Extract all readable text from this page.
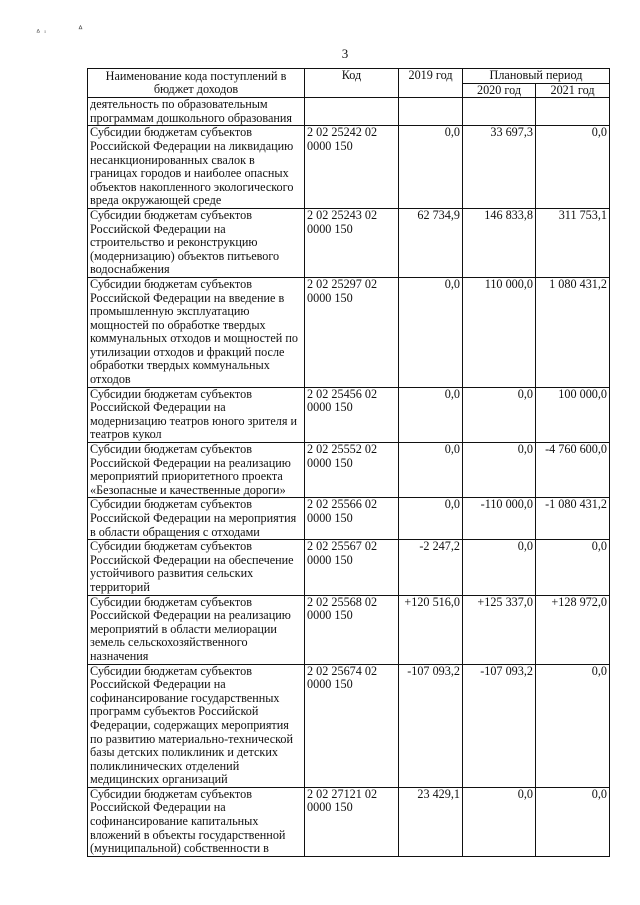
ᐞ ᶦ	ᐞ
3
Наименование кода поступлений в бюджет доходов	Код	2019 год	Плановый период	
			2020 год	2021 год
деятельность по образовательным программам дошкольного образования				
Субсидии бюджетам субъектов Российской Федерации на ликвидацию несанкционированных свалок в границах городов и наиболее опасных объектов накопленного экологического вреда окружающей среде	2 02 25242 02 0000 150	0,0	33 697,3	0,0
Субсидии бюджетам субъектов Российской Федерации на строительство и реконструкцию (модернизацию) объектов питьевого водоснабжения	2 02 25243 02 0000 150	62 734,9	146 833,8	311 753,1
Субсидии бюджетам субъектов Российской Федерации на введение в промышленную эксплуатацию мощностей по обработке твердых коммунальных отходов и мощностей по утилизации отходов и фракций после обработки твердых коммунальных отходов	2 02 25297 02 0000 150	0,0	110 000,0	1 080 431,2
Субсидии бюджетам субъектов Российской Федерации на модернизацию театров юного зрителя и театров кукол	2 02 25456 02 0000 150	0,0	0,0	100 000,0
Субсидии бюджетам субъектов Российской Федерации на реализацию мероприятий приоритетного проекта «Безопасные и качественные дороги»	2 02 25552 02 0000 150	0,0	0,0	-4 760 600,0
Субсидии бюджетам субъектов Российской Федерации на мероприятия в области обращения с отходами	2 02 25566 02 0000 150	0,0	-110 000,0	-1 080 431,2
Субсидии бюджетам субъектов Российской Федерации на обеспечение устойчивого развития сельских территорий	2 02 25567 02 0000 150	-2 247,2	0,0	0,0
Субсидии бюджетам субъектов Российской Федерации на реализацию мероприятий в области мелиорации земель сельскохозяйственного назначения	2 02 25568 02 0000 150	+120 516,0	+125 337,0	+128 972,0
Субсидии бюджетам субъектов Российской Федерации на софинансирование государственных программ субъектов Российской Федерации, содержащих мероприятия по развитию материально-технической базы детских поликлиник и детских поликлинических отделений медицинских организаций	2 02 25674 02 0000 150	-107 093,2	-107 093,2	0,0
Субсидии бюджетам субъектов Российской Федерации на софинансирование капитальных вложений в объекты государственной (муниципальной) собственности в	2 02 27121 02 0000 150	23 429,1	0,0	0,0
